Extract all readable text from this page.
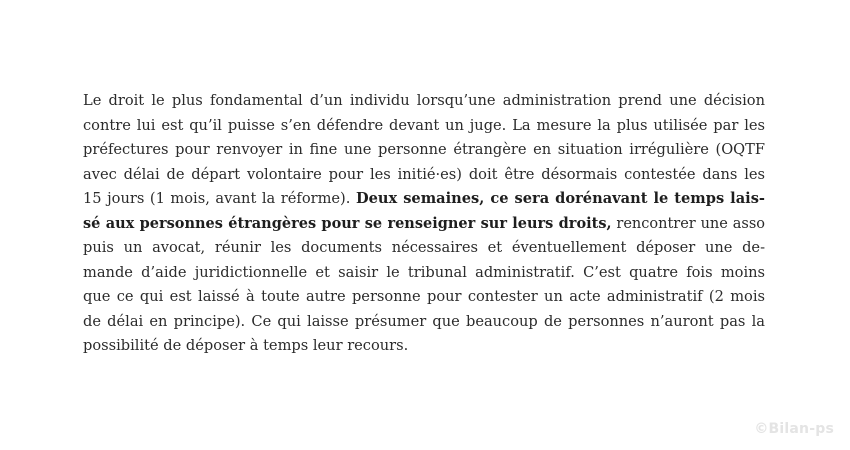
Le droit le plus fondamental d’un individu lorsqu’une administration prend une décision
contre lui est qu’il puisse s’en défendre devant un juge. La mesure la plus utilisée par les
préfectures pour renvoyer in fine une personne étrangère en situation irrégulière (OQTF
avec délai de départ volontaire pour les initié·es) doit être désormais contestée dans les
15 jours (1 mois, avant la réforme). Deux semaines, ce sera dorénavant le temps lais-
sé aux personnes étrangères pour se renseigner sur leurs droits, rencontrer une asso
puis un avocat, réunir les documents nécessaires et éventuellement déposer une de-
mande d’aide juridictionnelle et saisir le tribunal administratif. C’est quatre fois moins
que ce qui est laissé à toute autre personne pour contester un acte administratif (2 mois
de délai en principe). Ce qui laisse présumer que beaucoup de personnes n’auront pas la
possibilité de déposer à temps leur recours.
©Bilan-ps
